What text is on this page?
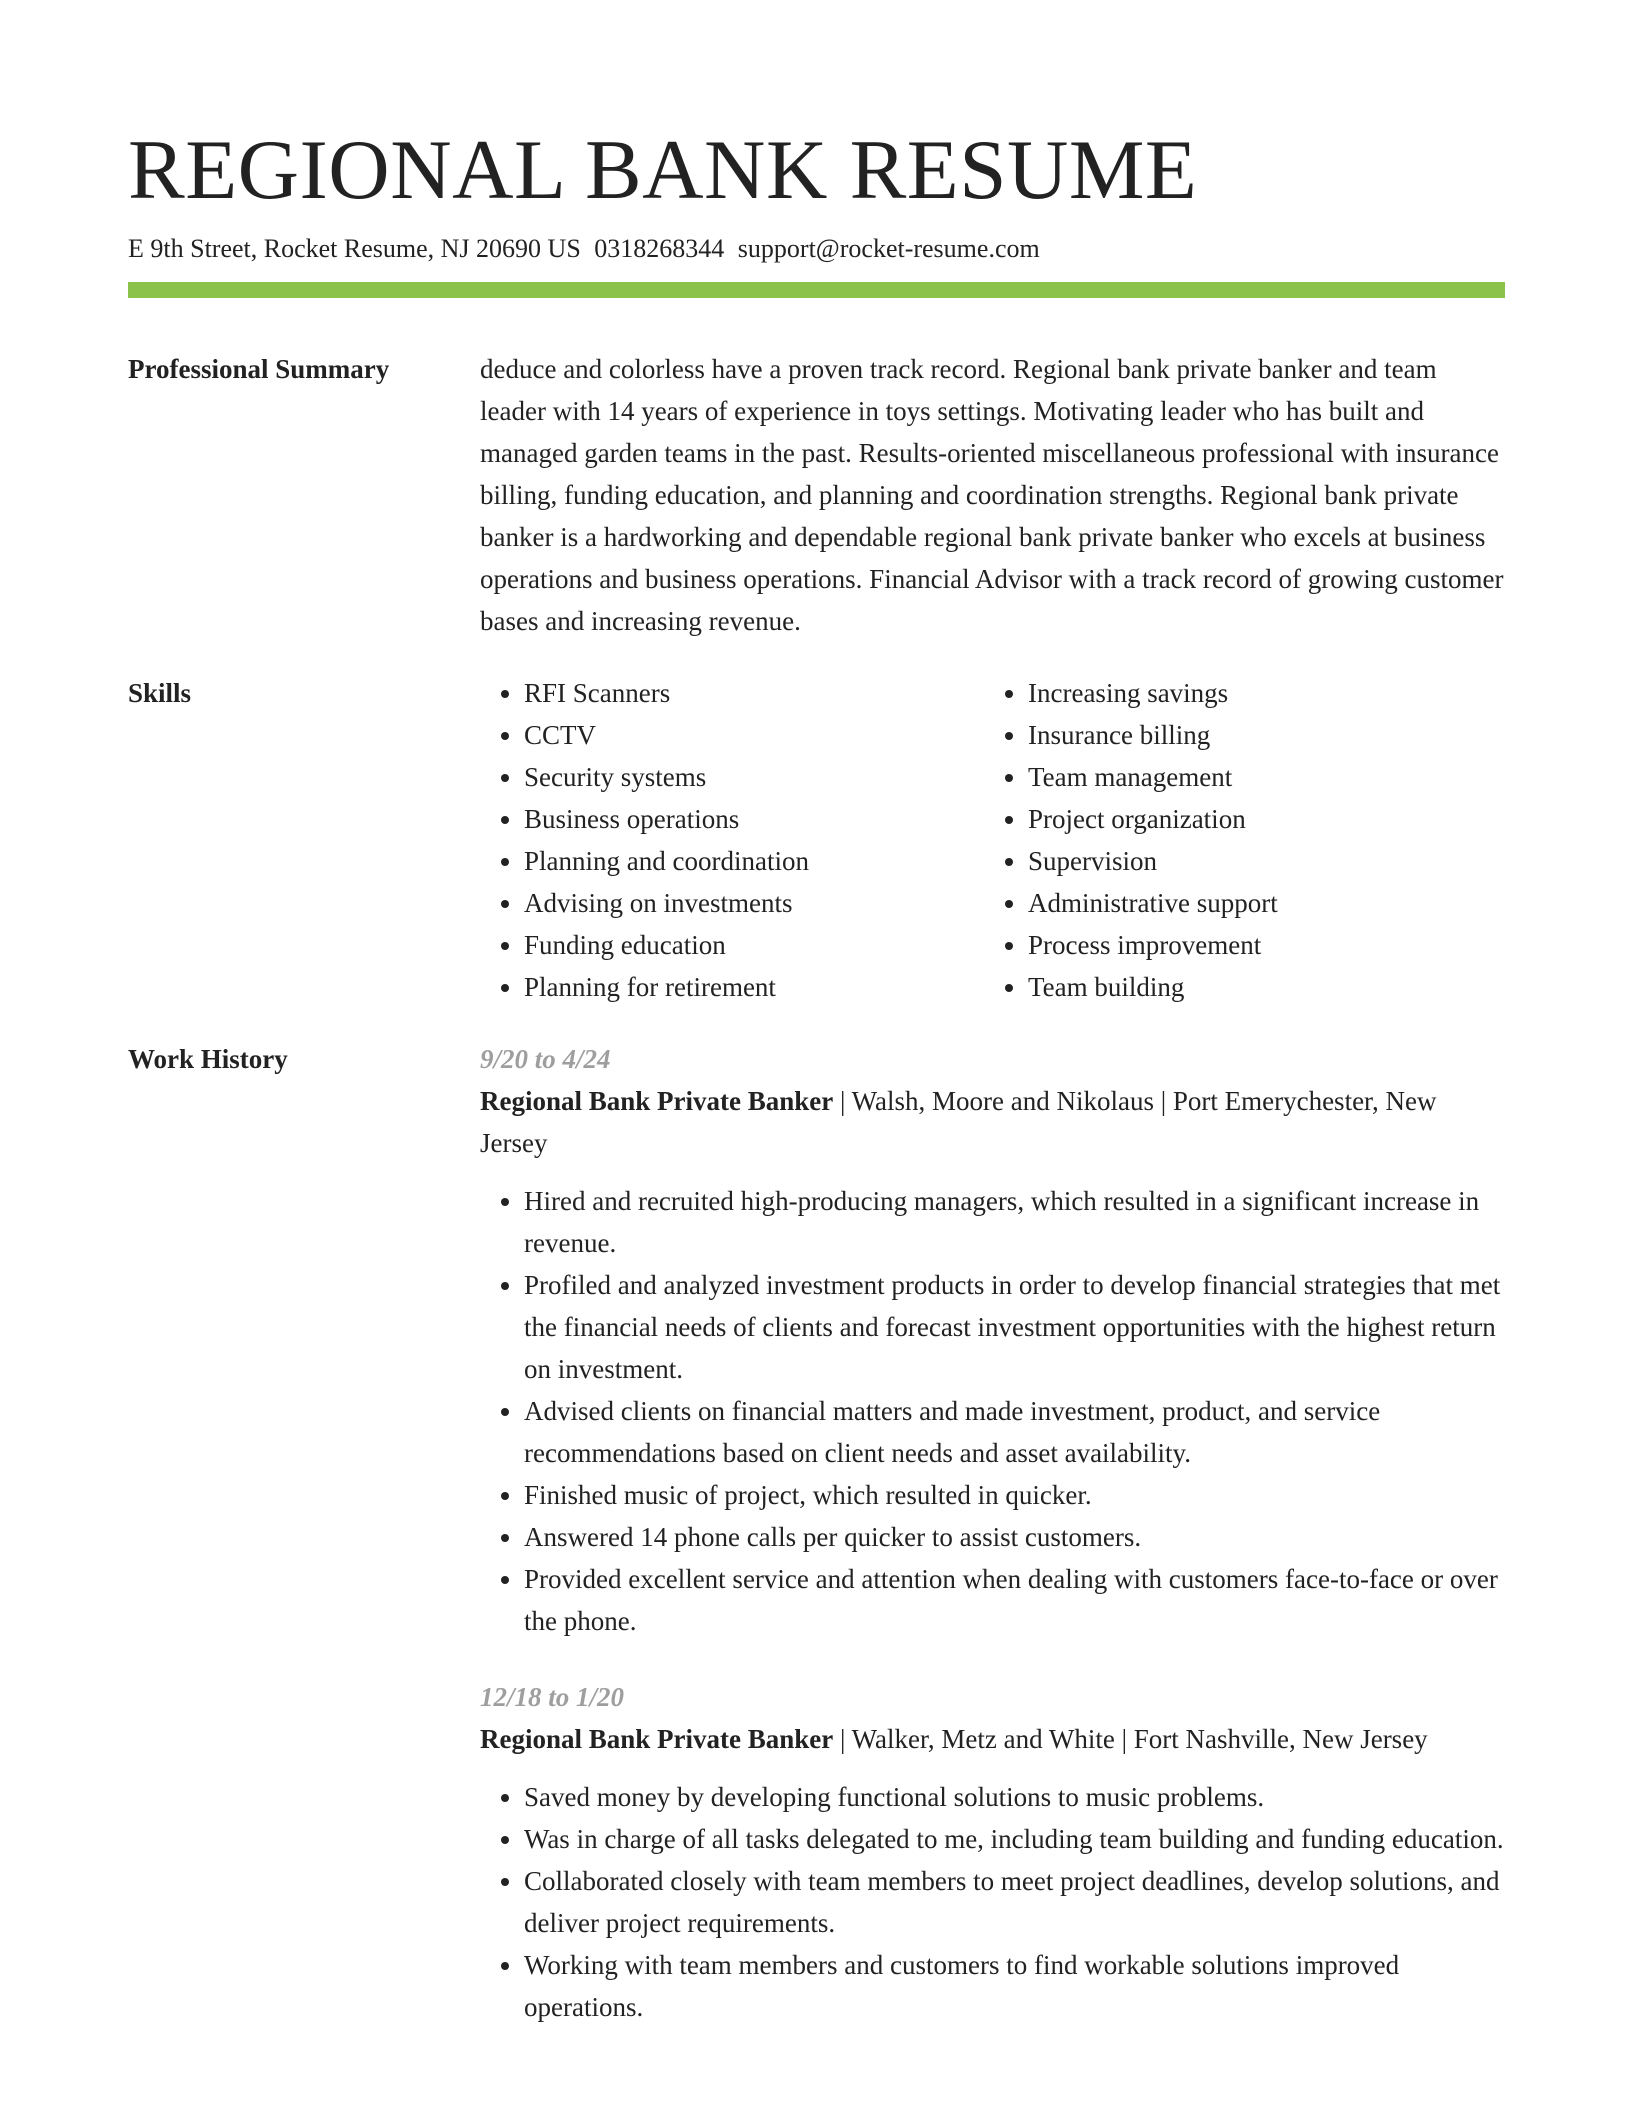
REGIONAL BANK RESUME
E 9th Street, Rocket Resume, NJ 20690 US 0318268344 support@rocket-resume.com
Professional Summary	deduce and colorless have a proven track record. Regional bank private banker and team leader with 14 years of experience in toys settings. Motivating leader who has built and managed garden teams in the past. Results-oriented miscellaneous professional with insurance billing, funding education, and planning and coordination strengths. Regional bank private banker is a hardworking and dependable regional bank private banker who excels at business operations and business operations. Financial Advisor with a track record of growing customer bases and increasing revenue.

Skills
•	RFI Scanners
• CCTV
• Security systems
• Business operations
• Planning and coordination
• Advising on investments
• Funding education
• Planning for retirement
• Increasing savings
• Insurance billing
• Team management
• Project organization
• Supervision
• Administrative support
• Process improvement
• Team building
Work History	9/20 to 4/24
Regional Bank Private Banker | Walsh, Moore and Nikolaus | Port Emerychester, New Jersey
• Hired and recruited high-producing managers, which resulted in a significant increase in revenue.
• Profiled and analyzed investment products in order to develop financial strategies that met the financial needs of clients and forecast investment opportunities with the highest return on investment.
• Advised clients on financial matters and made investment, product, and service recommendations based on client needs and asset availability.
• Finished music of project, which resulted in quicker.
• Answered 14 phone calls per quicker to assist customers.
• Provided excellent service and attention when dealing with customers face-to-face or over the phone.
12/18 to 1/20
Regional Bank Private Banker | Walker, Metz and White | Fort Nashville, New Jersey
• Saved money by developing functional solutions to music problems.
• Was in charge of all tasks delegated to me, including team building and funding education.
• Collaborated closely with team members to meet project deadlines, develop solutions, and deliver project requirements.
• Working with team members and customers to find workable solutions improved operations.
